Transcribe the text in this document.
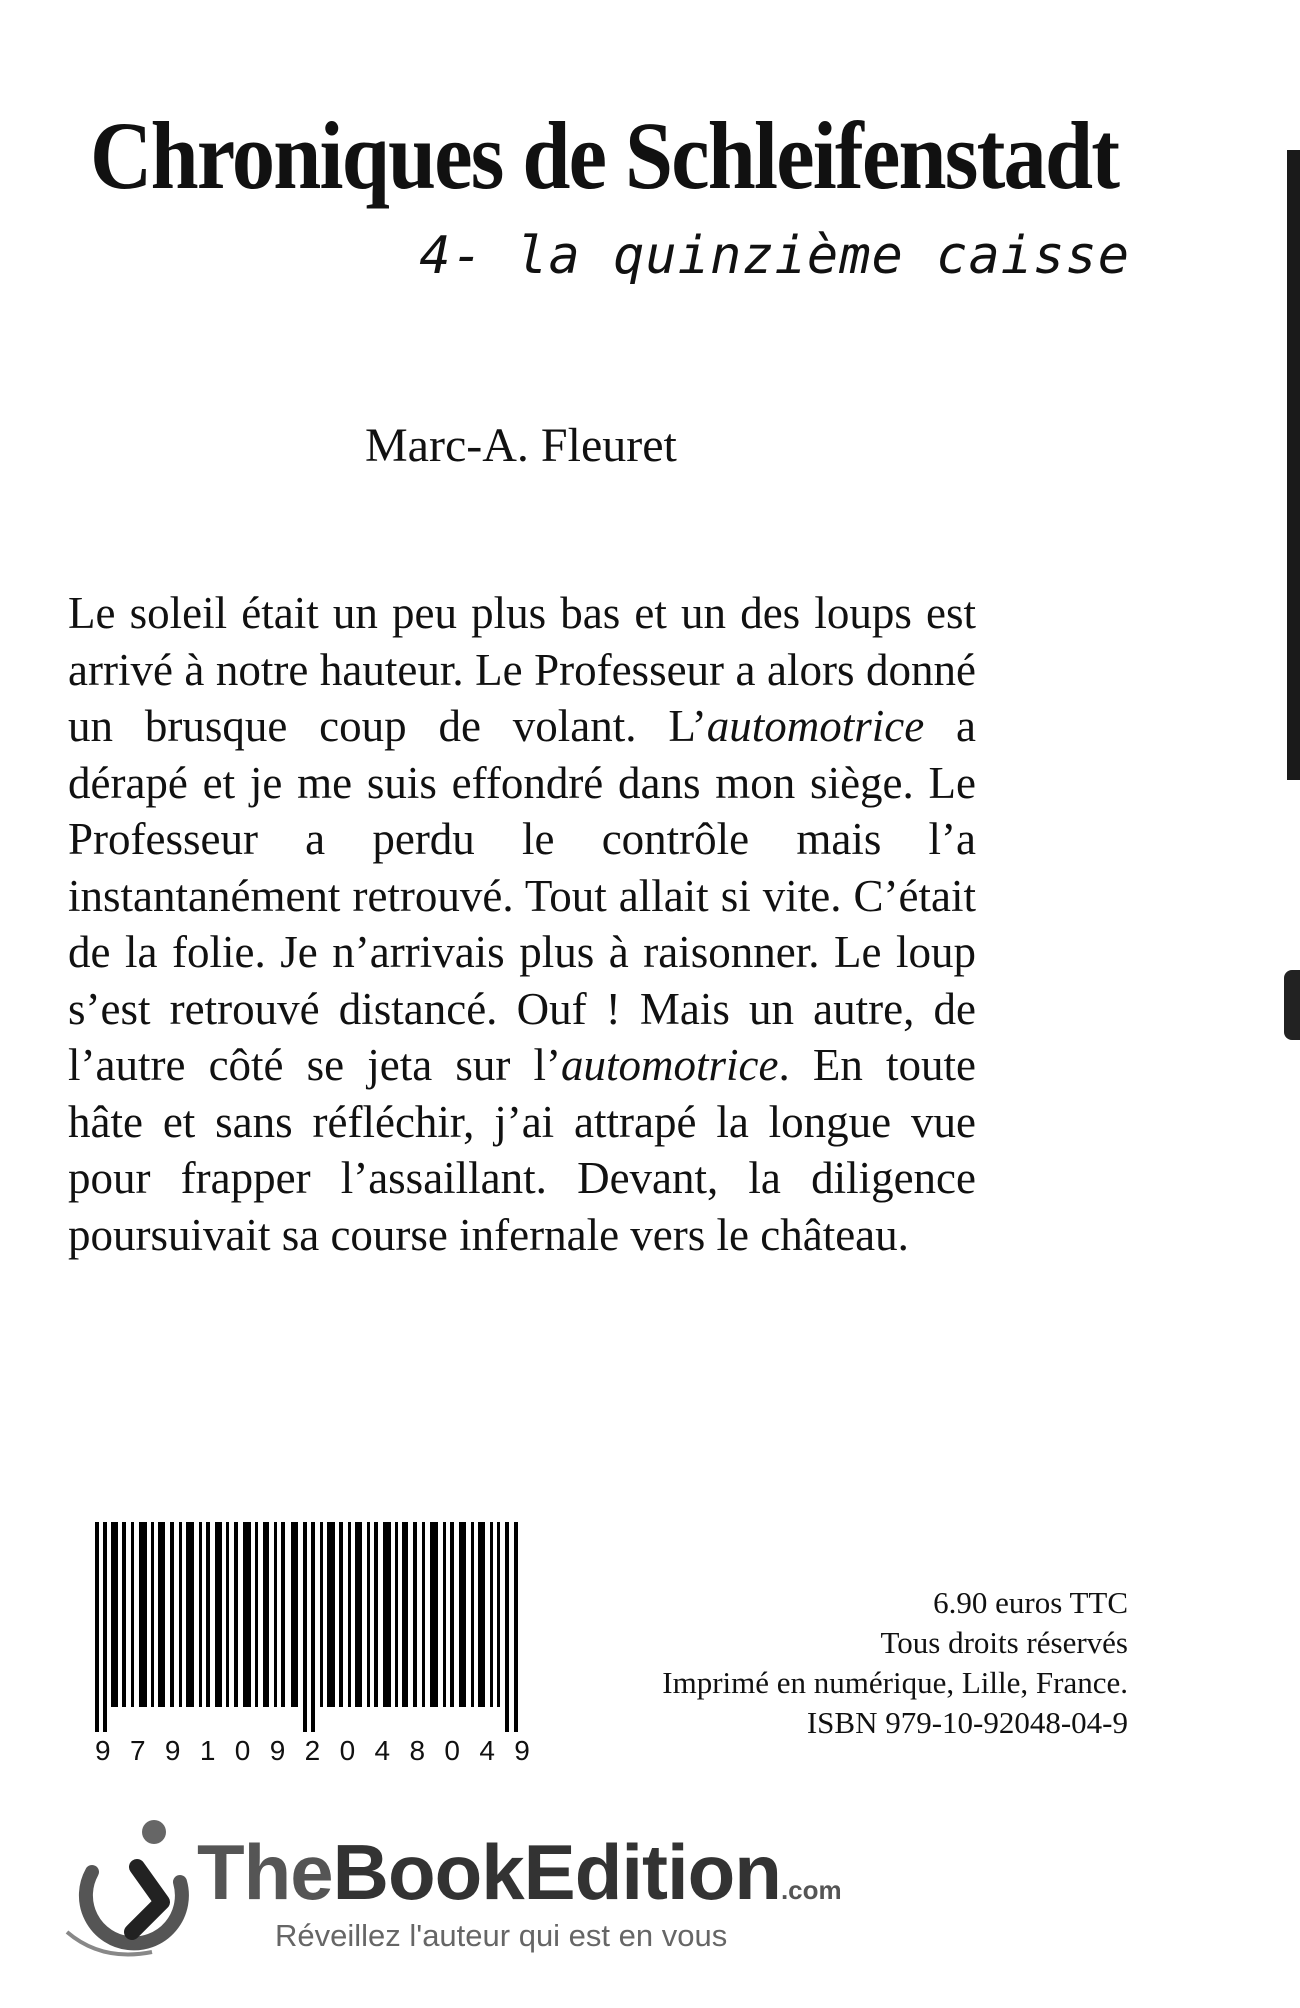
Chroniques de Schleifenstadt
4- la quinzième caisse
Marc-A. Fleuret

Le soleil était un peu plus bas et un des loups est arrivé à notre hauteur. Le Professeur a alors donné un brusque coup de volant. L’automotrice a dérapé et je me suis effondré dans mon siège. Le Professeur a perdu le contrôle mais l’a instantanément retrouvé. Tout allait si vite. C’était de la folie. Je n’arrivais plus à raisonner. Le loup s’est retrouvé distancé. Ouf ! Mais un autre, de l’autre côté se jeta sur l’automotrice. En toute hâte et sans réfléchir, j’ai attrapé la longue vue pour frapper l’assaillant. Devant, la diligence poursuivait sa course infernale vers le château.

9 7 9 1 0 9 2 0 4 8 0 4 9
6.90 euros TTC
Tous droits réservés
Imprimé en numérique, Lille, France.
ISBN 979-10-92048-04-9
TheBookEdition.com
Réveillez l'auteur qui est en vous
